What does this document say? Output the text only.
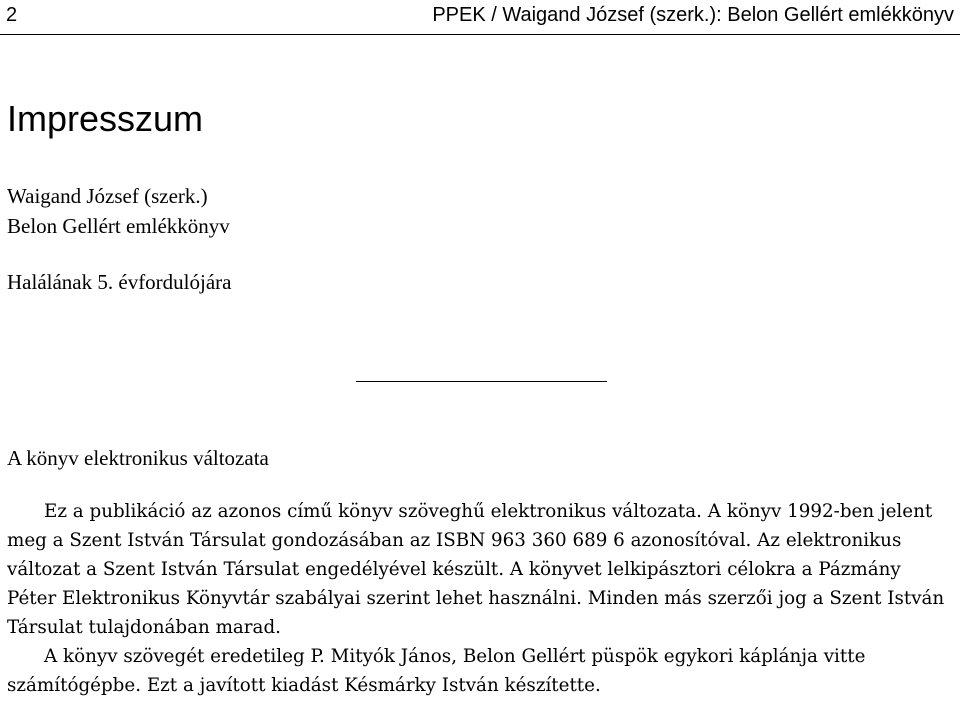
2	PPEK / Waigand József (szerk.): Belon Gellért emlékkönyv
Impresszum
Waigand József (szerk.)
Belon Gellért emlékkönyv
Halálának 5. évfordulójára
A könyv elektronikus változata
Ez a publikáció az azonos című könyv szöveghű elektronikus változata. A könyv 1992-ben jelent meg a Szent István Társulat gondozásában az ISBN 963 360 689 6 azonosítóval. Az elektronikus változat a Szent István Társulat engedélyével készült. A könyvet lelkipásztori célokra a Pázmány Péter Elektronikus Könyvtár szabályai szerint lehet használni. Minden más szerzői jog a Szent István Társulat tulajdonában marad.
A könyv szövegét eredetileg P. Mityók János, Belon Gellért püspök egykori káplánja vitte számítógépbe. Ezt a javított kiadást Késmárky István készítette.
